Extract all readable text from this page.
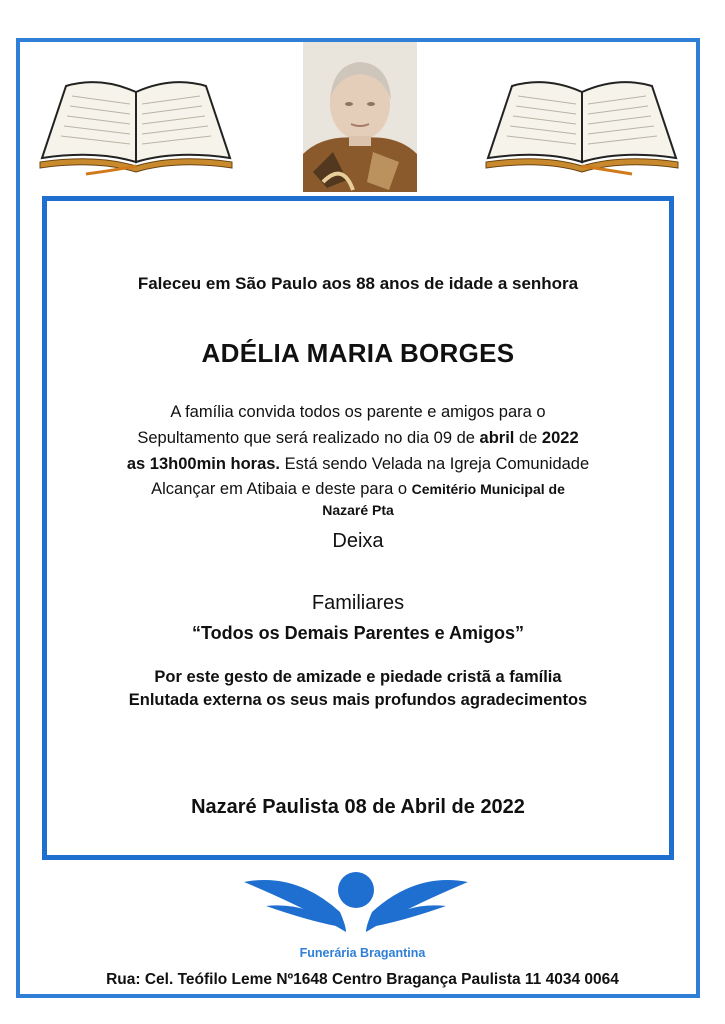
Faleceu em São Paulo aos 88 anos de idade a senhora
ADÉLIA MARIA BORGES
A família convida todos os parente e amigos para o
Sepultamento que será realizado no dia 09 de abril de 2022
as 13h00min horas. Está sendo Velada na Igreja Comunidade
Alcançar em Atibaia e deste para o Cemitério Municipal de
Nazaré Pta
Deixa
Familiares
“Todos os Demais Parentes e Amigos”
Por este gesto de amizade e piedade cristã a família
Enlutada externa os seus mais profundos agradecimentos
Nazaré Paulista 08 de Abril de 2022
Funerária Bragantina
Rua: Cel. Teófilo Leme Nº1648 Centro Bragança Paulista 11 4034 0064
